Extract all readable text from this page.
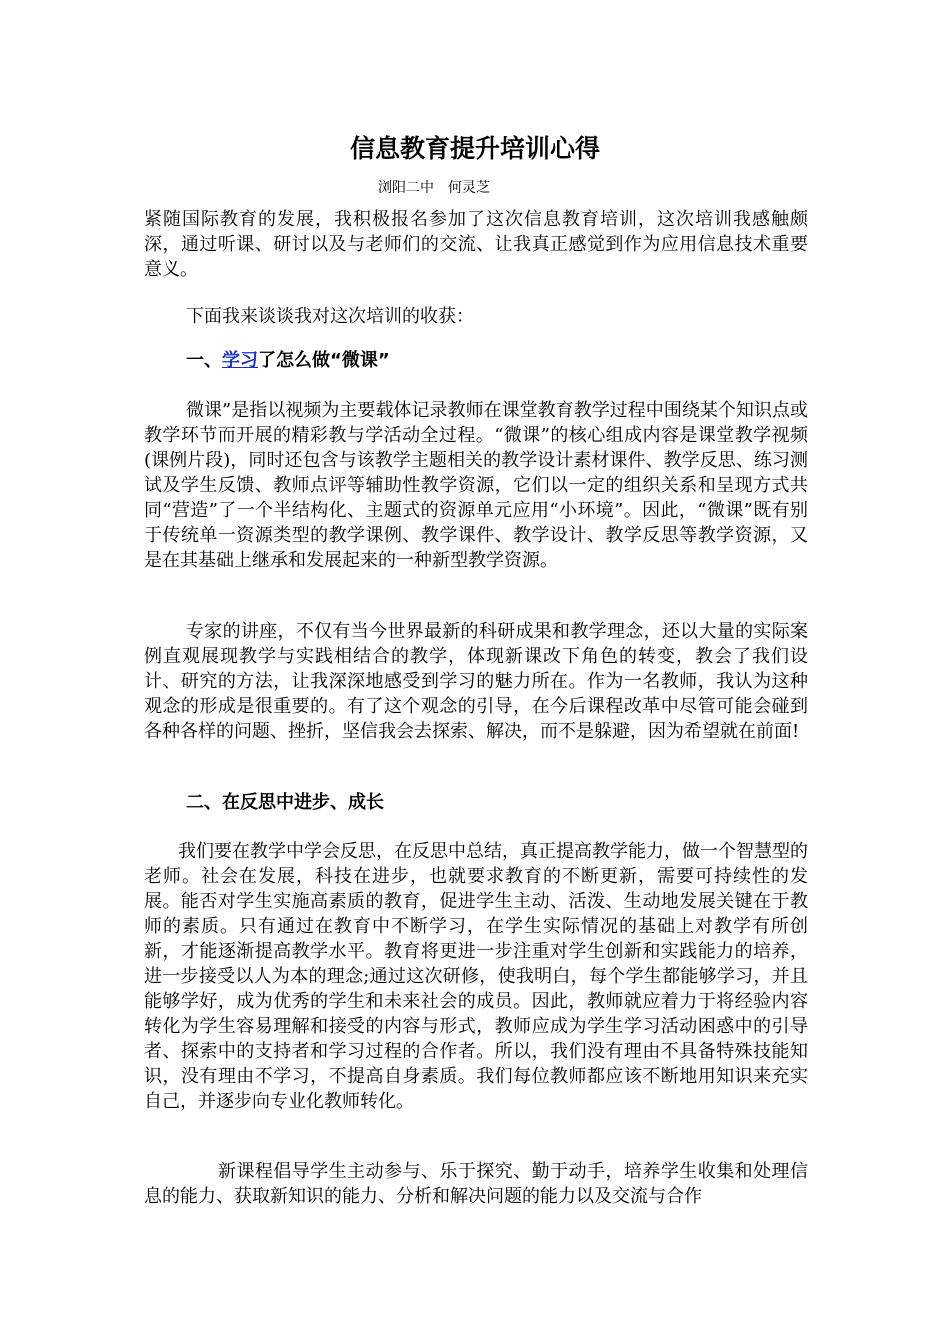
信息教育提升培训心得

浏阳二中　何灵芝

紧随国际教育的发展，我积极报名参加了这次信息教育培训，这次培训我感触颇深，通过听课、研讨以及与老师们的交流、让我真正感觉到作为应用信息技术重要意义。

下面我来谈谈我对这次培训的收获：

一、学习了怎么做“微课”

微课”是指以视频为主要载体记录教师在课堂教育教学过程中围绕某个知识点或教学环节而开展的精彩教与学活动全过程。“微课”的核心组成内容是课堂教学视频(课例片段)，同时还包含与该教学主题相关的教学设计素材课件、教学反思、练习测试及学生反馈、教师点评等辅助性教学资源，它们以一定的组织关系和呈现方式共同“营造”了一个半结构化、主题式的资源单元应用“小环境”。因此，“微课”既有别于传统单一资源类型的教学课例、教学课件、教学设计、教学反思等教学资源，又是在其基础上继承和发展起来的一种新型教学资源。

专家的讲座，不仅有当今世界最新的科研成果和教学理念，还以大量的实际案例直观展现教学与实践相结合的教学，体现新课改下角色的转变，教会了我们设计、研究的方法，让我深深地感受到学习的魅力所在。作为一名教师，我认为这种观念的形成是很重要的。有了这个观念的引导，在今后课程改革中尽管可能会碰到各种各样的问题、挫折，坚信我会去探索、解决，而不是躲避，因为希望就在前面!

二、在反思中进步、成长

我们要在教学中学会反思，在反思中总结，真正提高教学能力，做一个智慧型的老师。社会在发展，科技在进步，也就要求教育的不断更新，需要可持续性的发展。能否对学生实施高素质的教育，促进学生主动、活泼、生动地发展关键在于教师的素质。只有通过在教育中不断学习，在学生实际情况的基础上对教学有所创新，才能逐渐提高教学水平。教育将更进一步注重对学生创新和实践能力的培养，进一步接受以人为本的理念;通过这次研修，使我明白，每个学生都能够学习，并且能够学好，成为优秀的学生和未来社会的成员。因此，教师就应着力于将经验内容转化为学生容易理解和接受的内容与形式，教师应成为学生学习活动困惑中的引导者、探索中的支持者和学习过程的合作者。所以，我们没有理由不具备特殊技能知识，没有理由不学习，不提高自身素质。我们每位教师都应该不断地用知识来充实自己，并逐步向专业化教师转化。

新课程倡导学生主动参与、乐于探究、勤于动手，培养学生收集和处理信息的能力、获取新知识的能力、分析和解决问题的能力以及交流与合作
